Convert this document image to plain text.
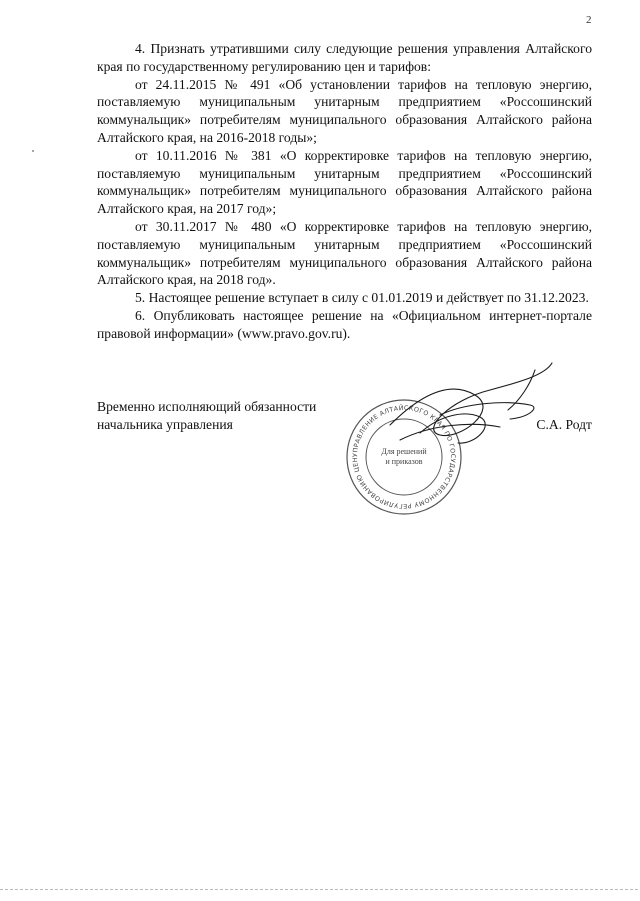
2

4. Признать утратившими силу следующие решения управления Алтайского края по государственному регулированию цен и тарифов:

от 24.11.2015 № 491 «Об установлении тарифов на тепловую энергию, поставляемую муниципальным унитарным предприятием «Россошинский коммунальщик» потребителям муниципального образования Алтайского района Алтайского края, на 2016-2018 годы»;

от 10.11.2016 № 381 «О корректировке тарифов на тепловую энергию, поставляемую муниципальным унитарным предприятием «Россошинский коммунальщик» потребителям муниципального образования Алтайского района Алтайского края, на 2017 год»;

от 30.11.2017 № 480 «О корректировке тарифов на тепловую энергию, поставляемую муниципальным унитарным предприятием «Россошинский коммунальщик» потребителям муниципального образования Алтайского района Алтайского края, на 2018 год».

5. Настоящее решение вступает в силу с 01.01.2019 и действует по 31.12.2023.

6. Опубликовать настоящее решение на «Официальном интернет-портале правовой информации» (www.pravo.gov.ru).

УПРАВЛЕНИЕ АЛТАЙСКОГО КРАЯ ПО ГОСУДАРСТВЕННОМУ РЕГУЛИРОВАНИЮ ЦЕН
Для решений
и приказов
Временно исполняющий обязанности
начальника управления	С.А. Родт
